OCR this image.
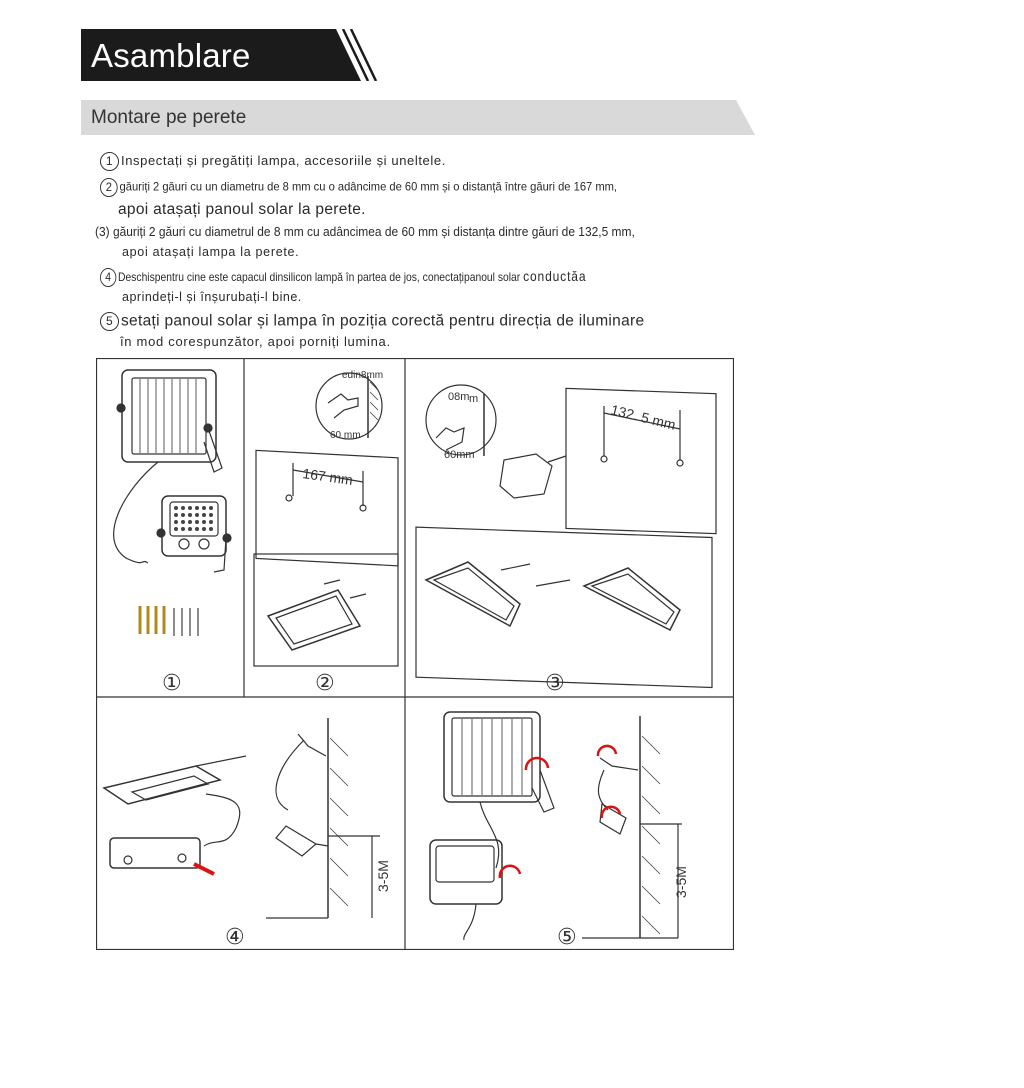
Asamblare
Montare pe perete
1 Inspectați și pregătiți lampa, accesoriile și uneltele.
2 găuriți 2 găuri cu un diametru de 8 mm cu o adâncime de 60 mm și o distanță între găuri de 167 mm,
apoi atașați panoul solar la perete.
(3) găuriți 2 găuri cu diametrul de 8 mm cu adâncimea de 60 mm și distanța dintre găuri de 132,5 mm,
apoi atașați lampa la perete.
4 Deschispentru cine este capacul dinsilicon lampă în partea de jos, conectațipanoul solar conductăa
aprindeți-l și înșurubați-l bine.
5 setați panoul solar și lampa în poziția corectă pentru direcția de iluminare
în mod corespunzător, apoi porniți lumina.
3-5M	3-5M
edin8mm
60 mm
167 mm
08m m
60mm
132. 5 mm
①	②	③
④	⑤
